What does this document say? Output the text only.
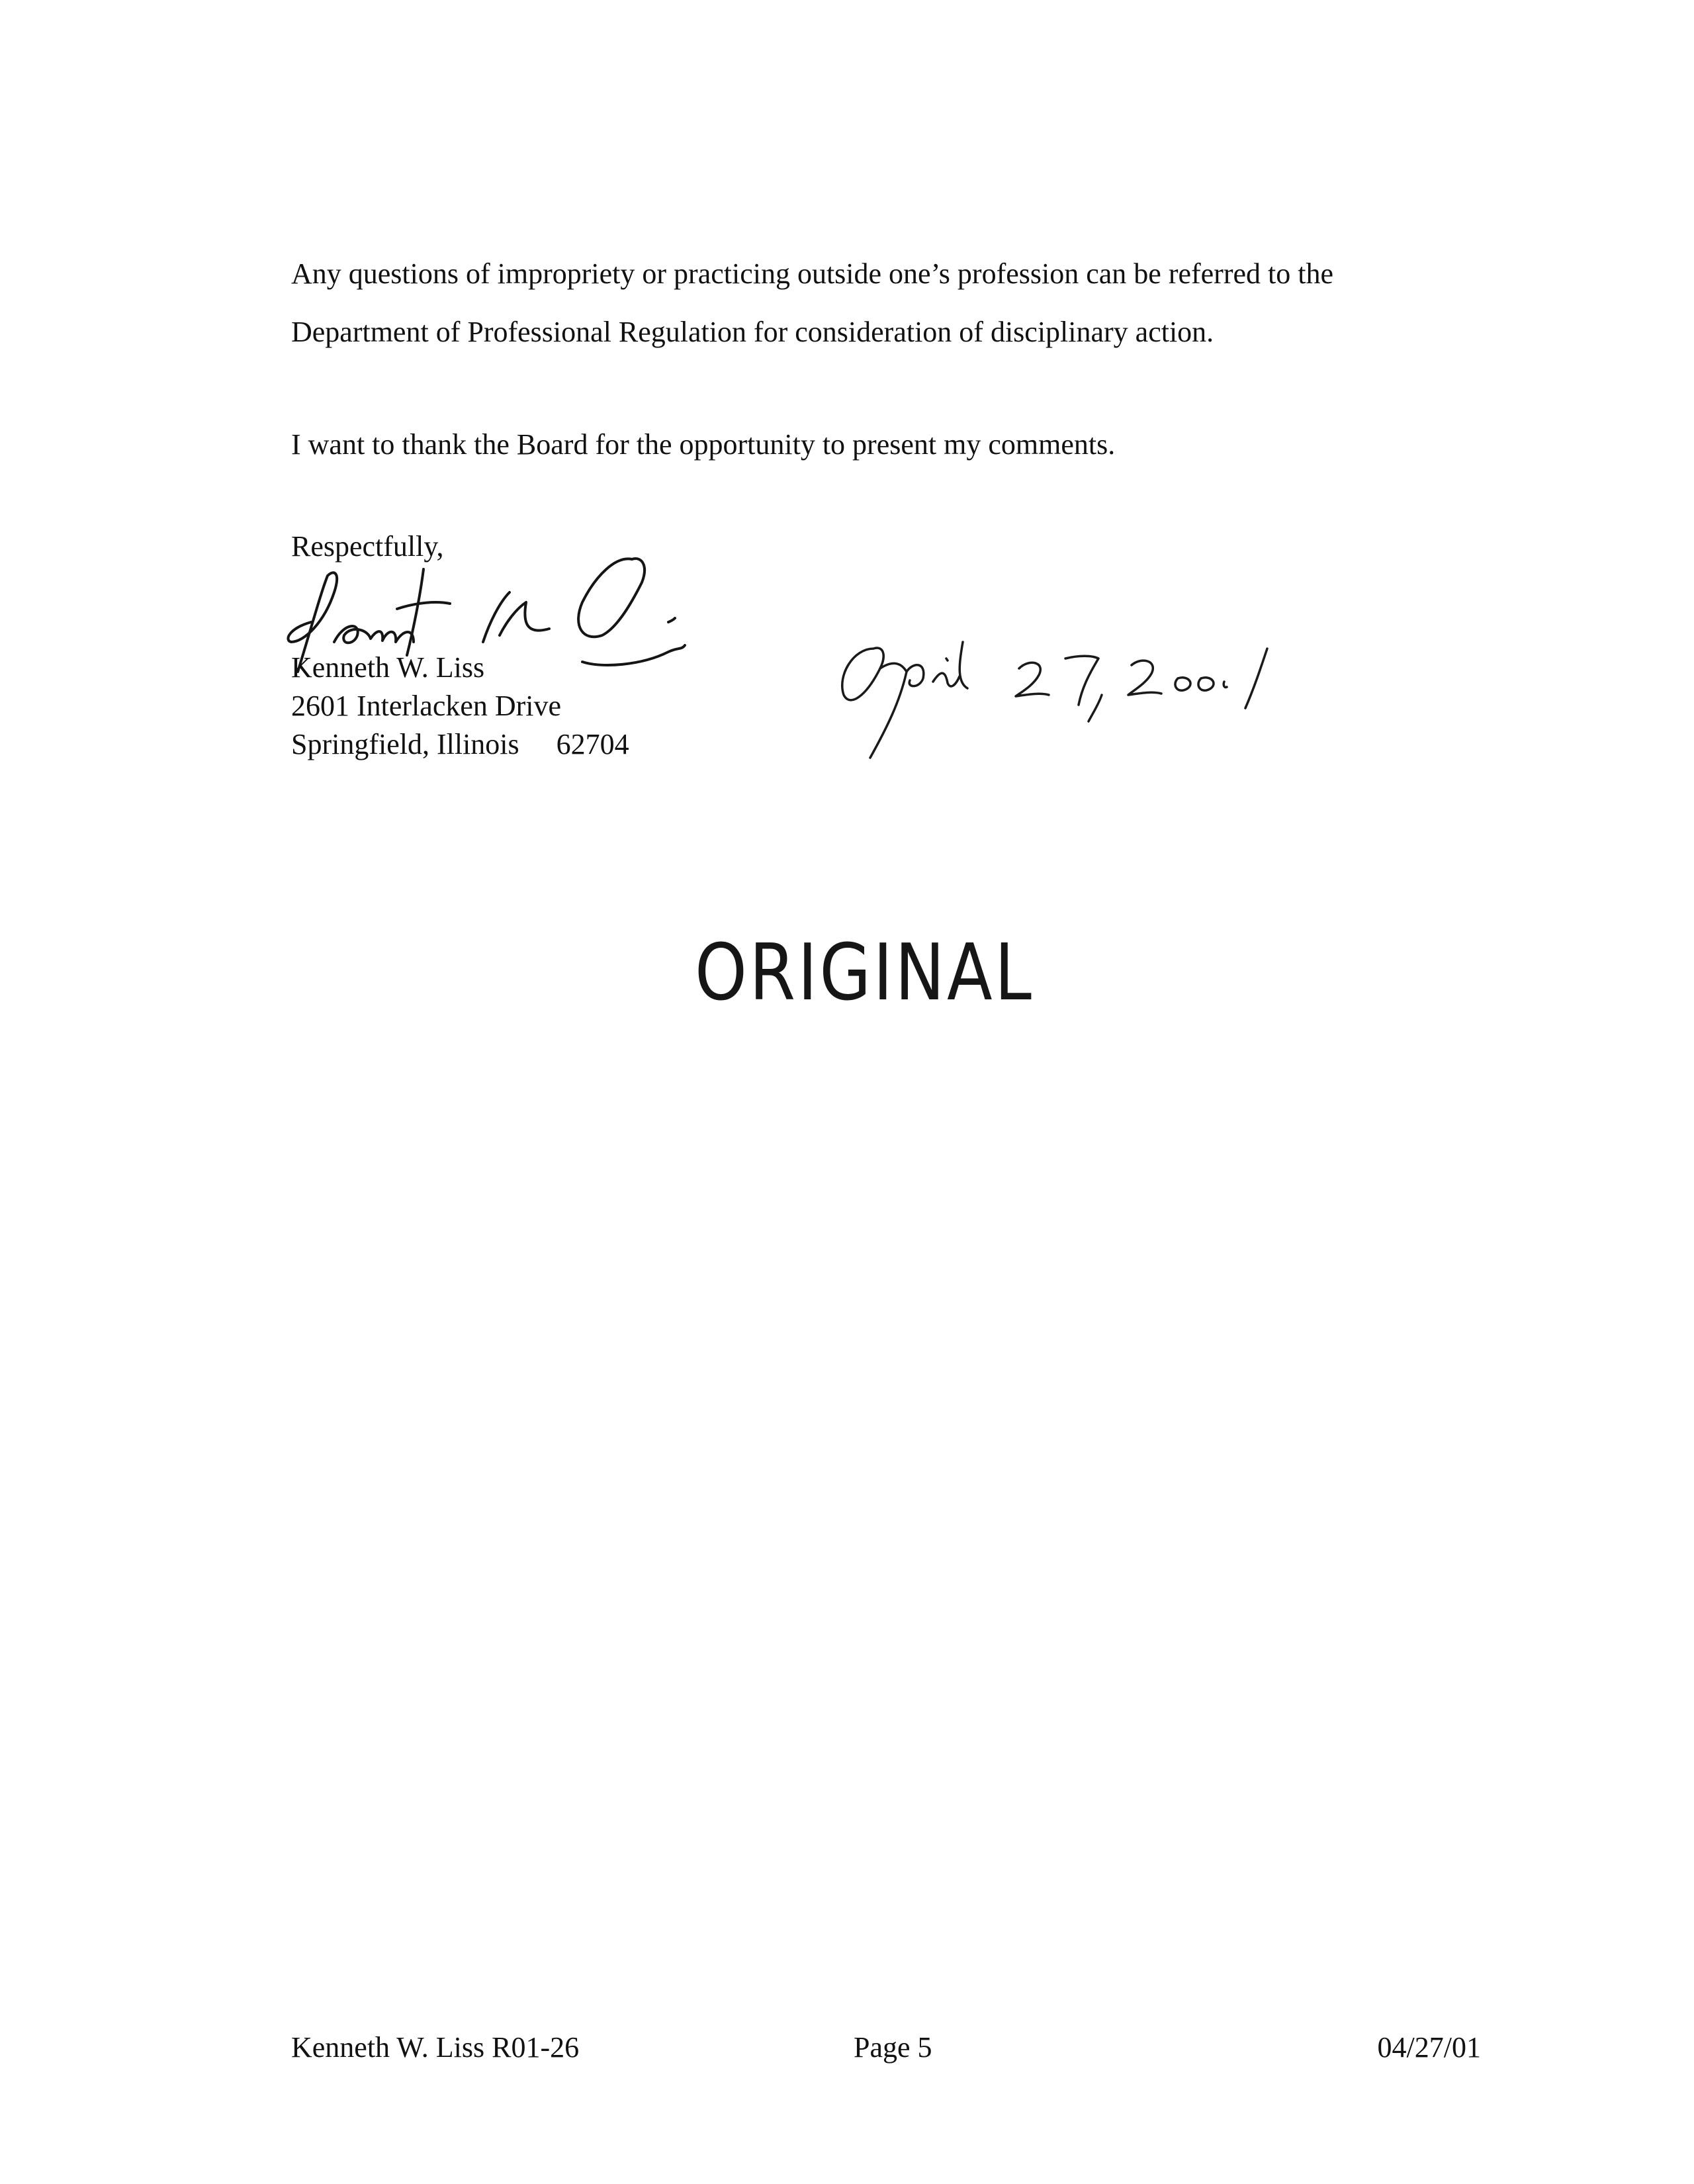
Any questions of impropriety or practicing outside one’s profession can be referred to the Department of Professional Regulation for consideration of disciplinary action.

I want to thank the Board for the opportunity to present my comments.

Respectfully,
Kenneth W. Liss
2601 Interlacken Drive
Springfield, Illinois 62704
ORIGINAL
Kenneth W. Liss R01-26	Page 5	04/27/01
